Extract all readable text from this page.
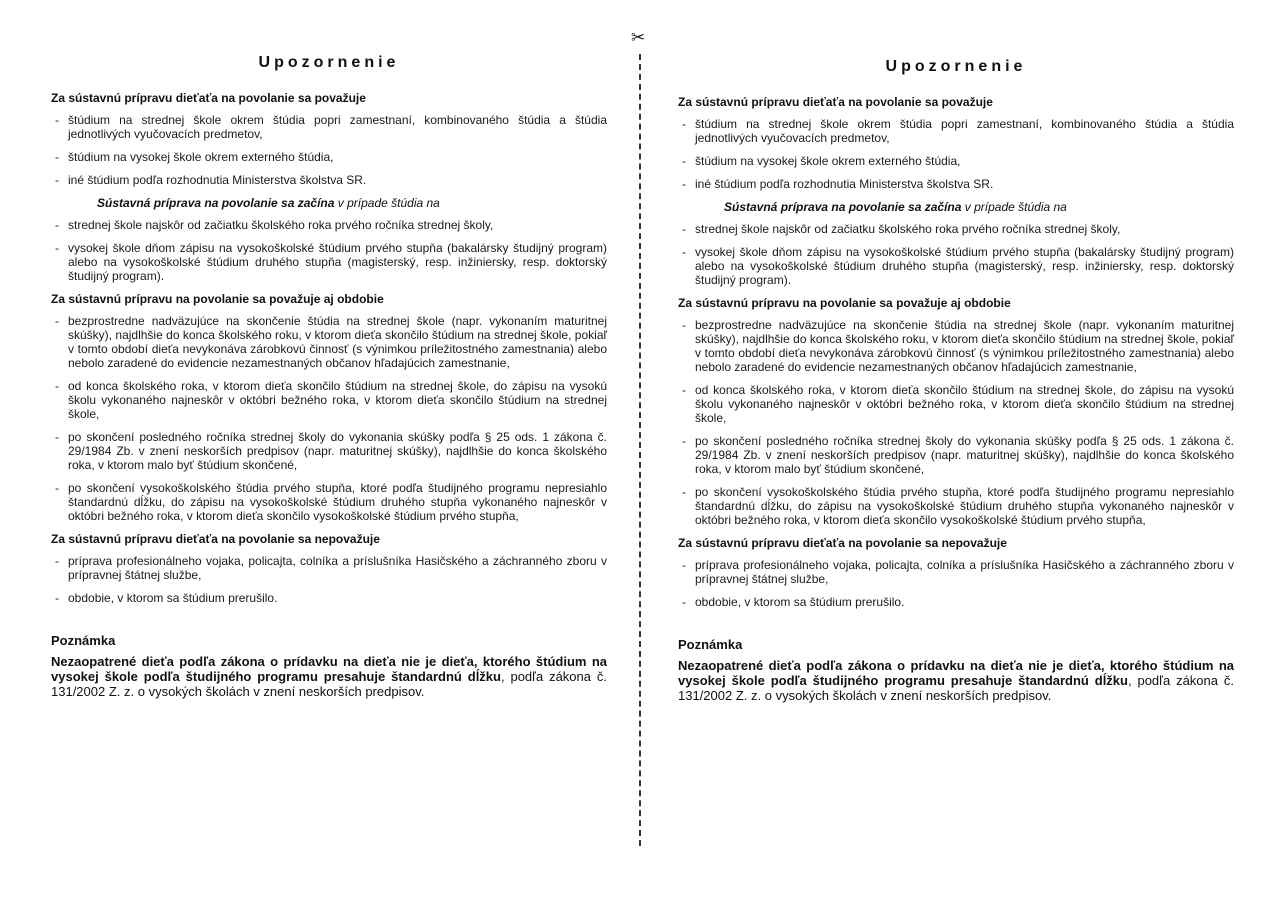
✂
Upozornenie
Za sústavnú prípravu dieťaťa na povolanie sa považuje
- štúdium na strednej škole okrem štúdia popri zamestnaní, kombinovaného štúdia a štúdia jednotlivých vyučovacích predmetov,
- štúdium na vysokej škole okrem externého štúdia,
- iné štúdium podľa rozhodnutia Ministerstva školstva SR.
Sústavná príprava na povolanie sa začína v prípade štúdia na
- strednej škole najskôr od začiatku školského roka prvého ročníka strednej školy,
- vysokej škole dňom zápisu na vysokoškolské štúdium prvého stupňa (bakalársky študijný program) alebo na vysokoškolské štúdium druhého stupňa (magisterský, resp. inžiniersky, resp. doktorský študijný program).
Za sústavnú prípravu na povolanie sa považuje aj obdobie
- bezprostredne nadväzujúce na skončenie štúdia na strednej škole (napr. vykonaním maturitnej skúšky), najdlhšie do konca školského roku, v ktorom dieťa skončilo štúdium na strednej škole, pokiaľ v tomto období dieťa nevykonáva zárobkovú činnosť (s výnimkou príležitostného zamestnania) alebo nebolo zaradené do evidencie nezamestnaných občanov hľadajúcich zamestnanie,
- od konca školského roka, v ktorom dieťa skončilo štúdium na strednej škole, do zápisu na vysokú školu vykonaného najneskôr v októbri bežného roka, v ktorom dieťa skončilo štúdium na strednej škole,
- po skončení posledného ročníka strednej školy do vykonania skúšky podľa § 25 ods. 1 zákona č. 29/1984 Zb. v znení neskorších predpisov (napr. maturitnej skúšky), najdlhšie do konca školského roka, v ktorom malo byť štúdium skončené,
- po skončení vysokoškolského štúdia prvého stupňa, ktoré podľa študijného programu nepresiahlo štandardnú dĺžku, do zápisu na vysokoškolské štúdium druhého stupňa vykonaného najneskôr v októbri bežného roka, v ktorom dieťa skončilo vysokoškolské štúdium prvého stupňa,
Za sústavnú prípravu dieťaťa na povolanie sa nepovažuje
- príprava profesionálneho vojaka, policajta, colníka a príslušníka Hasičského a záchranného zboru v prípravnej štátnej službe,
- obdobie, v ktorom sa štúdium prerušilo.
Poznámka

Nezaopatrené dieťa podľa zákona o prídavku na dieťa nie je dieťa, ktorého štúdium na vysokej škole podľa študijného programu presahuje štandardnú dĺžku, podľa zákona č. 131/2002 Z. z. o vysokých školách v znení neskorších predpisov.

Upozornenie
Za sústavnú prípravu dieťaťa na povolanie sa považuje
- štúdium na strednej škole okrem štúdia popri zamestnaní, kombinovaného štúdia a štúdia jednotlivých vyučovacích predmetov,
- štúdium na vysokej škole okrem externého štúdia,
- iné štúdium podľa rozhodnutia Ministerstva školstva SR.
Sústavná príprava na povolanie sa začína v prípade štúdia na
- strednej škole najskôr od začiatku školského roka prvého ročníka strednej školy,
- vysokej škole dňom zápisu na vysokoškolské štúdium prvého stupňa (bakalársky študijný program) alebo na vysokoškolské štúdium druhého stupňa (magisterský, resp. inžiniersky, resp. doktorský študijný program).
Za sústavnú prípravu na povolanie sa považuje aj obdobie
- bezprostredne nadväzujúce na skončenie štúdia na strednej škole (napr. vykonaním maturitnej skúšky), najdlhšie do konca školského roku, v ktorom dieťa skončilo štúdium na strednej škole, pokiaľ v tomto období dieťa nevykonáva zárobkovú činnosť (s výnimkou príležitostného zamestnania) alebo nebolo zaradené do evidencie nezamestnaných občanov hľadajúcich zamestnanie,
- od konca školského roka, v ktorom dieťa skončilo štúdium na strednej škole, do zápisu na vysokú školu vykonaného najneskôr v októbri bežného roka, v ktorom dieťa skončilo štúdium na strednej škole,
- po skončení posledného ročníka strednej školy do vykonania skúšky podľa § 25 ods. 1 zákona č. 29/1984 Zb. v znení neskorších predpisov (napr. maturitnej skúšky), najdlhšie do konca školského roka, v ktorom malo byť štúdium skončené,
- po skončení vysokoškolského štúdia prvého stupňa, ktoré podľa študijného programu nepresiahlo štandardnú dĺžku, do zápisu na vysokoškolské štúdium druhého stupňa vykonaného najneskôr v októbri bežného roka, v ktorom dieťa skončilo vysokoškolské štúdium prvého stupňa,
Za sústavnú prípravu dieťaťa na povolanie sa nepovažuje
- príprava profesionálneho vojaka, policajta, colníka a príslušníka Hasičského a záchranného zboru v prípravnej štátnej službe,
- obdobie, v ktorom sa štúdium prerušilo.
Poznámka

Nezaopatrené dieťa podľa zákona o prídavku na dieťa nie je dieťa, ktorého štúdium na vysokej škole podľa študijného programu presahuje štandardnú dĺžku, podľa zákona č. 131/2002 Z. z. o vysokých školách v znení neskorších predpisov.
